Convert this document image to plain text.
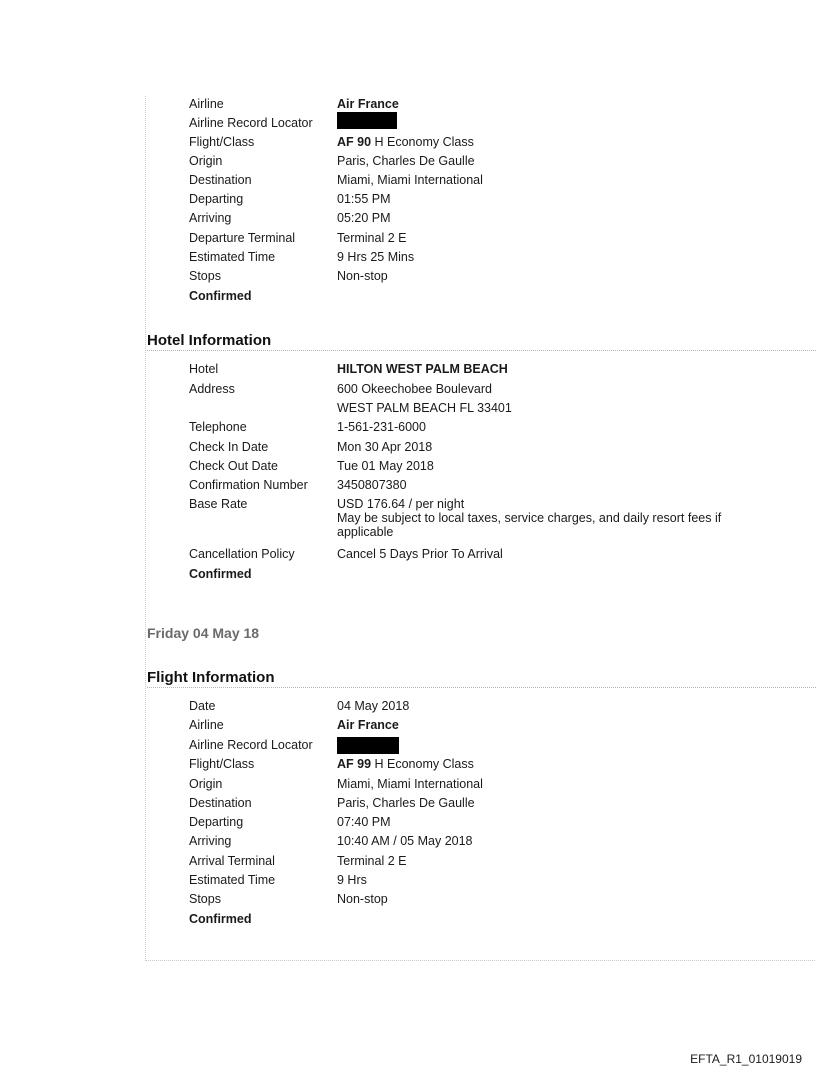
Airline	Air France
Airline Record Locator
Flight/Class	AF 90 H Economy Class
Origin	Paris, Charles De Gaulle
Destination	Miami, Miami International
Departing	01:55 PM
Arriving	05:20 PM
Departure Terminal	Terminal 2 E
Estimated Time	9 Hrs 25 Mins
Stops	Non-stop
Confirmed
Hotel Information
Hotel	HILTON WEST PALM BEACH
Address	600 Okeechobee Boulevard
WEST PALM BEACH FL 33401
Telephone	1-561-231-6000
Check In Date	Mon 30 Apr 2018
Check Out Date	Tue 01 May 2018
Confirmation Number 3450807380
Base Rate	USD 176.64 / per night
May be subject to local taxes, service charges, and daily resort fees if applicable
Cancellation Policy	Cancel 5 Days Prior To Arrival
Confirmed
Friday 04 May 18
Flight Information
Date	04 May 2018
Airline	Air France
Airline Record Locator
Flight/Class	AF 99 H Economy Class
Origin	Miami, Miami International
Destination	Paris, Charles De Gaulle
Departing	07:40 PM
Arriving	10:40 AM / 05 May 2018
Arrival Terminal	Terminal 2 E
Estimated Time	9 Hrs
Stops	Non-stop
Confirmed
EFTA_R1_01019019
